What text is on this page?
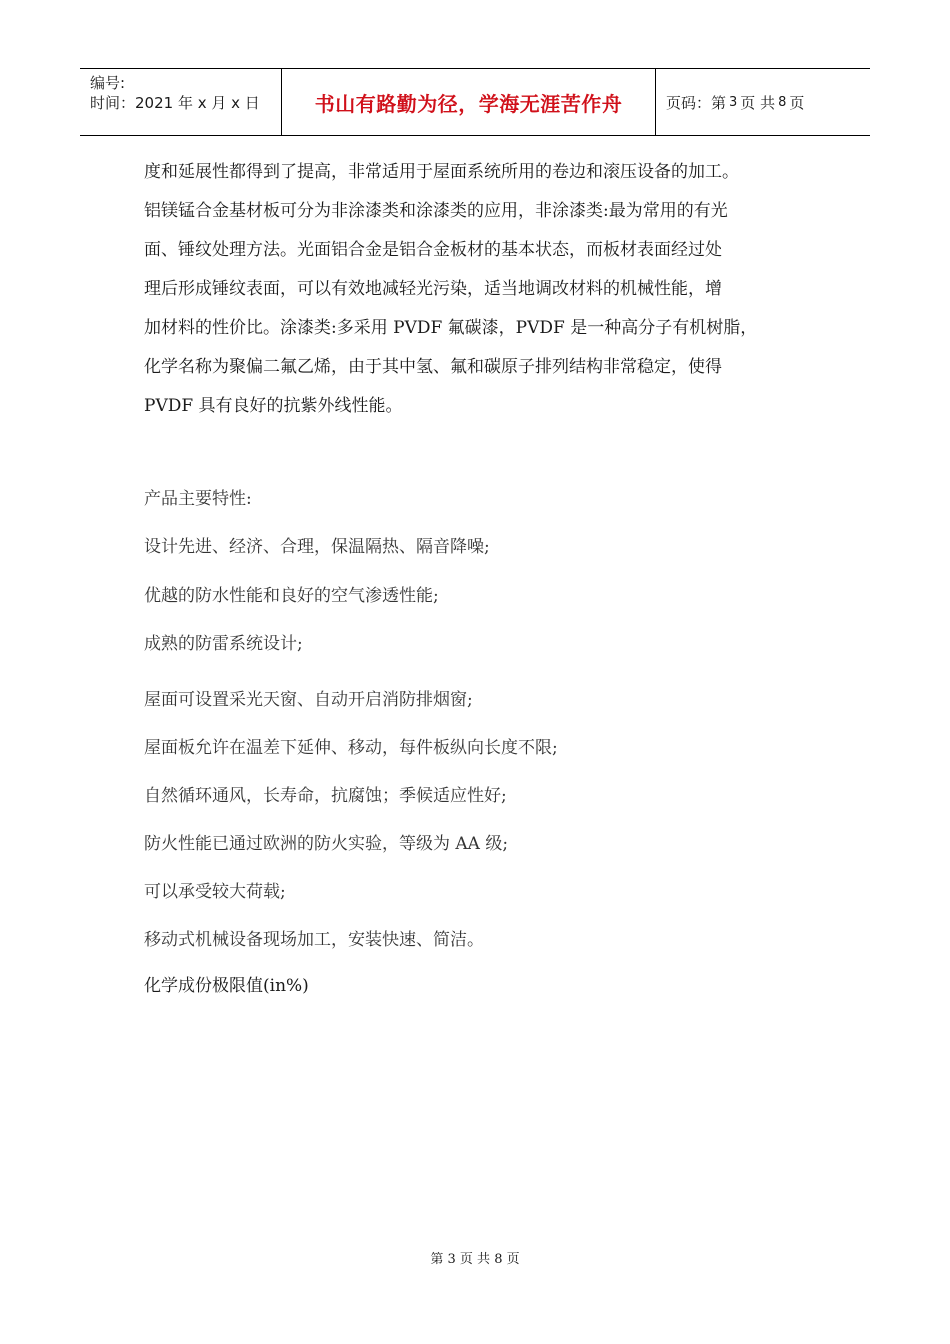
编号:
时间：2021 年 x 月 x 日	书山有路勤为径，学海无涯苦作舟	页码：第 3 页 共 8 页

度和延展性都得到了提高，非常适用于屋面系统所用的卷边和滚压设备的加工。

铝镁锰合金基材板可分为非涂漆类和涂漆类的应用，非涂漆类:最为常用的有光

面、锤纹处理方法。光面铝合金是铝合金板材的基本状态，而板材表面经过处

理后形成锤纹表面，可以有效地减轻光污染，适当地调改材料的机械性能，增

加材料的性价比。涂漆类:多采用 PVDF 氟碳漆，PVDF 是一种高分子有机树脂，

化学名称为聚偏二氟乙烯，由于其中氢、氟和碳原子排列结构非常稳定，使得

PVDF 具有良好的抗紫外线性能。

产品主要特性:
设计先进、经济、合理，保温隔热、隔音降噪;
优越的防水性能和良好的空气渗透性能;
成熟的防雷系统设计;
屋面可设置采光天窗、自动开启消防排烟窗;
屋面板允许在温差下延伸、移动，每件板纵向长度不限;
自然循环通风，长寿命，抗腐蚀；季候适应性好;
防火性能已通过欧洲的防火实验，等级为 AA 级;
可以承受较大荷载;
移动式机械设备现场加工，安装快速、简洁。
化学成份极限值(in%)
第 3 页 共 8 页
